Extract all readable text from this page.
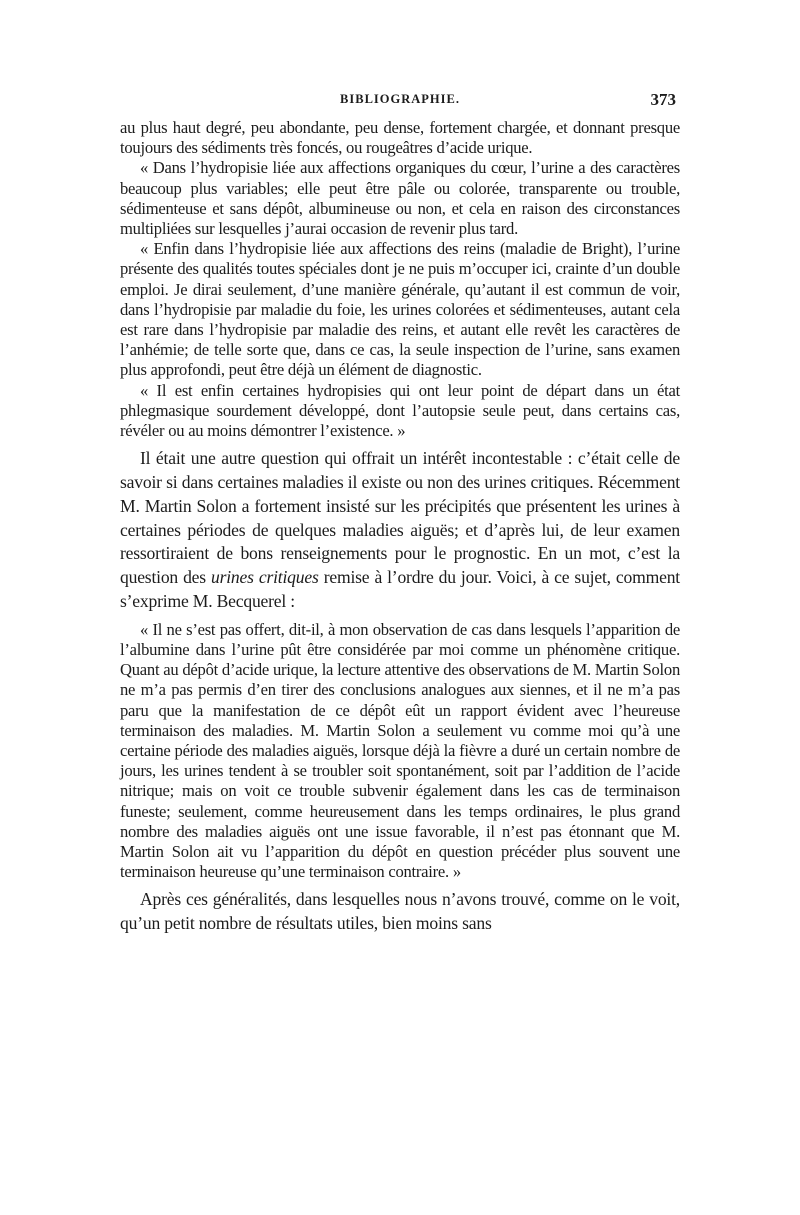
BIBLIOGRAPHIE.	373

au plus haut degré, peu abondante, peu dense, fortement chargée, et donnant presque toujours des sédiments très foncés, ou rougeâtres d’acide urique.

« Dans l’hydropisie liée aux affections organiques du cœur, l’urine a des caractères beaucoup plus variables; elle peut être pâle ou colorée, transparente ou trouble, sédimenteuse et sans dépôt, albumineuse ou non, et cela en raison des circonstances multipliées sur lesquelles j’aurai occasion de revenir plus tard.

« Enfin dans l’hydropisie liée aux affections des reins (maladie de Bright), l’urine présente des qualités toutes spéciales dont je ne puis m’occuper ici, crainte d’un double emploi. Je dirai seulement, d’une manière générale, qu’autant il est commun de voir, dans l’hydropisie par maladie du foie, les urines colorées et sédimenteuses, autant cela est rare dans l’hydropisie par maladie des reins, et autant elle revêt les caractères de l’anhémie; de telle sorte que, dans ce cas, la seule inspection de l’urine, sans examen plus approfondi, peut être déjà un élément de diagnostic.

« Il est enfin certaines hydropisies qui ont leur point de départ dans un état phlegmasique sourdement développé, dont l’autopsie seule peut, dans certains cas, révéler ou au moins démontrer l’existence. »

Il était une autre question qui offrait un intérêt incontestable : c’était celle de savoir si dans certaines maladies il existe ou non des urines critiques. Récemment M. Martin Solon a fortement insisté sur les précipités que présentent les urines à certaines périodes de quelques maladies aiguës; et d’après lui, de leur examen ressortiraient de bons renseignements pour le prognostic. En un mot, c’est la question des urines critiques remise à l’ordre du jour. Voici, à ce sujet, comment s’exprime M. Becquerel :

« Il ne s’est pas offert, dit-il, à mon observation de cas dans lesquels l’apparition de l’albumine dans l’urine pût être considérée par moi comme un phénomène critique. Quant au dépôt d’acide urique, la lecture attentive des observations de M. Martin Solon ne m’a pas permis d’en tirer des conclusions analogues aux siennes, et il ne m’a pas paru que la manifestation de ce dépôt eût un rapport évident avec l’heureuse terminaison des maladies. M. Martin Solon a seulement vu comme moi qu’à une certaine période des maladies aiguës, lorsque déjà la fièvre a duré un certain nombre de jours, les urines tendent à se troubler soit spontanément, soit par l’addition de l’acide nitrique; mais on voit ce trouble subvenir également dans les cas de terminaison funeste; seulement, comme heureusement dans les temps ordinaires, le plus grand nombre des maladies aiguës ont une issue favorable, il n’est pas étonnant que M. Martin Solon ait vu l’apparition du dépôt en question précéder plus souvent une terminaison heureuse qu’une terminaison contraire. »

Après ces généralités, dans lesquelles nous n’avons trouvé, comme on le voit, qu’un petit nombre de résultats utiles, bien moins sans
